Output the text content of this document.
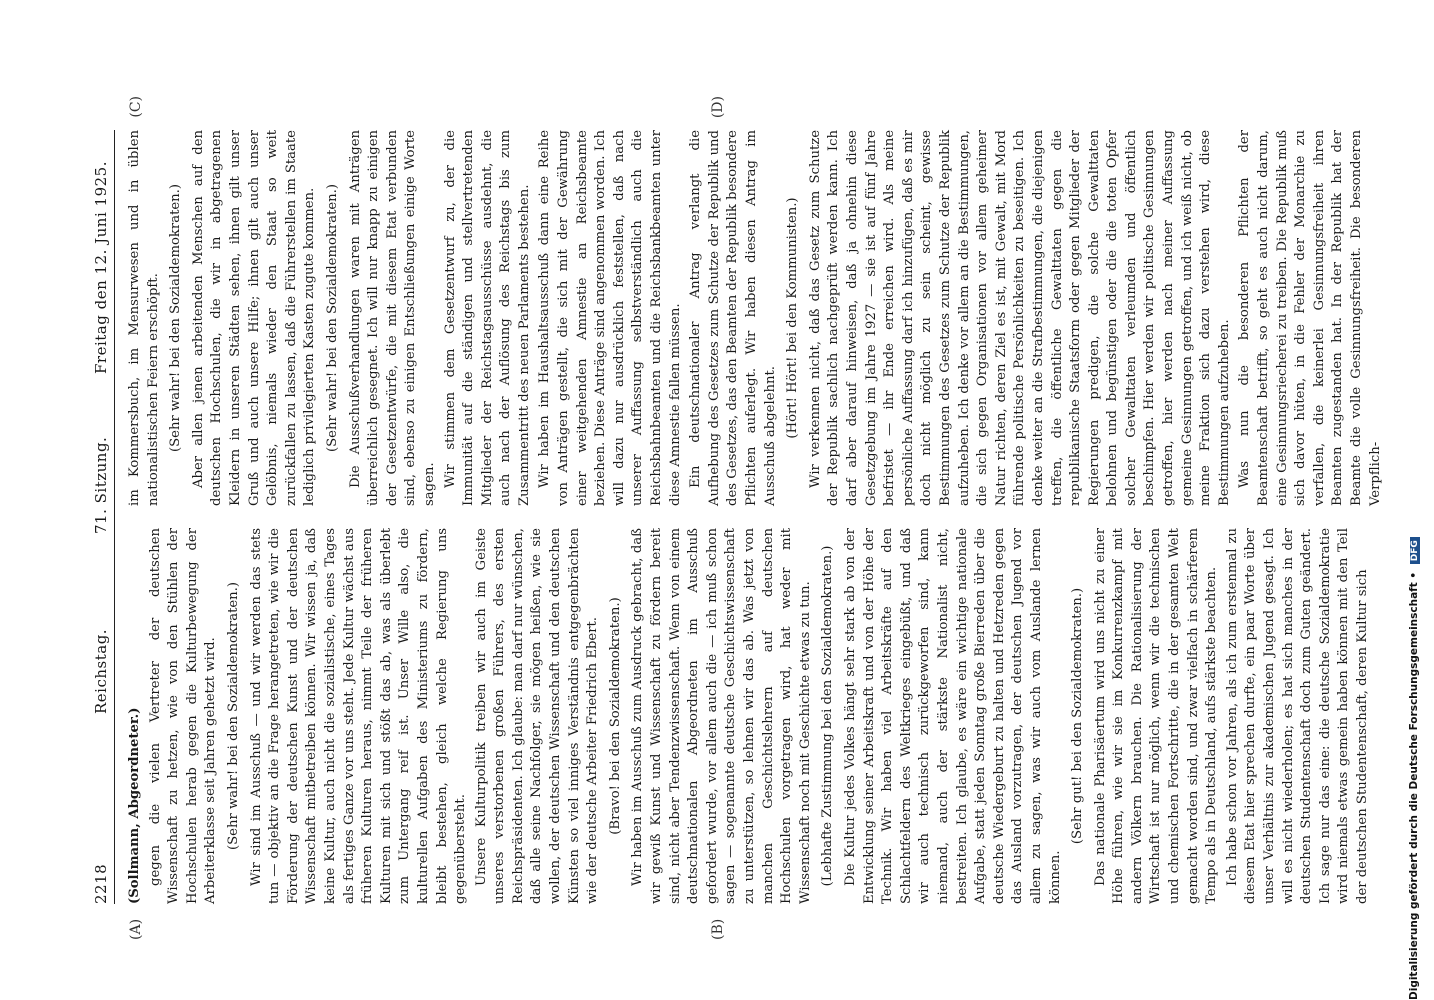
2218
Reichstag.
71. Sitzung.
Freitag den 12. Juni 1925.
(A)	(B)
(C)	(D)

(Sollmann, Abgeordneter.) gegen die vielen Vertreter der deutschen Wissenschaft zu hetzen, wie von den Stühlen der Hochschulen herab gegen die Kulturbewegung der Arbeiterklasse seit Jahren gehetzt wird. (Sehr wahr! bei den Sozialdemokraten.) Wir sind im Ausschuß — und wir werden das stets tun — objektiv an die Frage herangetreten, wie wir die Förderung der deutschen Kunst und der deutschen Wissenschaft mitbetreiben können. Wir wissen ja, daß keine Kultur, auch nicht die sozialistische, eines Tages als fertiges Ganze vor uns steht. Jede Kultur wächst aus früheren Kulturen heraus, nimmt Teile der früheren Kulturen mit sich und stößt das ab, was als überlebt zum Untergang reif ist. Unser Wille also, die kulturellen Aufgaben des Ministeriums zu fördern, bleibt bestehen, gleich welche Regierung uns gegenübersteht. Unsere Kulturpolitik treiben wir auch im Geiste unseres verstorbenen großen Führers, des ersten Reichspräsidenten. Ich glaube: man darf nur wünschen, daß alle seine Nachfolger, sie mögen heißen, wie sie wollen, der deutschen Wissenschaft und den deutschen Künsten so viel inniges Verständnis entgegenbrächten wie der deutsche Arbeiter Friedrich Ebert. (Bravo! bei den Sozialdemokraten.) Wir haben im Ausschuß zum Ausdruck gebracht, daß wir gewiß Kunst und Wissenschaft zu fördern bereit sind, nicht aber Tendenzwissenschaft. Wenn von einem deutschnationalen Abgeordneten im Ausschuß gefordert wurde, vor allem auch die — ich muß schon sagen — sogenannte deutsche Geschichtswissenschaft zu unterstützen, so lehnen wir das ab. Was jetzt von manchen Geschichtslehrern auf deutschen Hochschulen vorgetragen wird, hat weder mit Wissenschaft noch mit Geschichte etwas zu tun. (Lebhafte Zustimmung bei den Sozialdemokraten.) Die Kultur jedes Volkes hängt sehr stark ab von der Entwicklung seiner Arbeitskraft und von der Höhe der Technik. Wir haben viel Arbeitskräfte auf den Schlachtfeldern des Weltkrieges eingebüßt, und daß wir auch technisch zurückgeworfen sind, kann niemand, auch der stärkste Nationalist nicht, bestreiten. Ich glaube, es wäre ein wichtige nationale Aufgabe, statt jeden Sonntag große Bierreden über die deutsche Wiedergeburt zu halten und Hetzreden gegen das Ausland vorzutragen, der deutschen Jugend vor allem zu sagen, was wir auch vom Auslande lernen können.

(Sehr gut! bei den Sozialdemokraten.) Das nationale Pharisäertum wird uns nicht zu einer Höhe führen, wie wir sie im Konkurrenzkampf mit andern Völkern brauchen. Die Rationalisierung der Wirtschaft ist nur möglich, wenn wir die technischen und chemischen Fortschritte, die in der gesamten Welt gemacht worden sind, und zwar vielfach in schärferem Tempo als in Deutschland, aufs stärkste beachten. Ich habe schon vor Jahren, als ich zum erstenmal zu diesem Etat hier sprechen durfte, ein paar Worte über unser Verhältnis zur akademischen Jugend gesagt. Ich will es nicht wiederholen; es hat sich manches in der deutschen Studentenschaft doch zum Guten geändert. Ich sage nur das eine: die deutsche Sozialdemokratie wird niemals etwas gemein haben können mit den Teil der deutschen Studentenschaft, deren Kultur sich

im Kommersbuch, im Mensurwesen und in üblen nationalistischen Feiern erschöpft. (Sehr wahr! bei den Sozialdemokraten.) Aber allen jenen arbeitenden Menschen auf den deutschen Hochschulen, die wir in abgetragenen Kleidern in unseren Städten sehen, ihnen gilt unser Gruß und auch unsere Hilfe; ihnen gilt auch unser Gelöbnis, niemals wieder den Staat so weit zurückfallen zu lassen, daß die Führerstellen im Staate lediglich privilegierten Kasten zugute kommen. (Sehr wahr! bei den Sozialdemokraten.) Die Ausschußverhandlungen waren mit Anträgen überreichlich gesegnet. Ich will nur knapp zu einigen der Gesetzentwürfe, die mit diesem Etat verbunden sind, ebenso zu einigen Entschließungen einige Worte sagen. Wir stimmen dem Gesetzentwurf zu, der die Immunität auf die ständigen und stellvertretenden Mitglieder der Reichstagsausschüsse ausdehnt, die auch nach der Auflösung des Reichstags bis zum Zusammentritt des neuen Parlaments bestehen. Wir haben im Haushaltsausschuß dann eine Reihe von Anträgen gestellt, die sich mit der Gewährung einer weitgehenden Amnestie an Reichsbeamte beziehen. Diese Anträge sind angenommen worden. Ich will dazu nur ausdrücklich feststellen, daß nach unserer Auffassung selbstverständlich auch die Reichsbahnbeamten und die Reichsbankbeamten unter diese Amnestie fallen müssen. Ein deutschnationaler Antrag verlangt die Aufhebung des Gesetzes zum Schutze der Republik und des Gesetzes, das den Beamten der Republik besondere Pflichten auferlegt. Wir haben diesen Antrag im Ausschuß abgelehnt. (Hört! Hört! bei den Kommunisten.) Wir verkennen nicht, daß das Gesetz zum Schutze der Republik sachlich nachgeprüft werden kann. Ich darf aber darauf hinweisen, daß ja ohnehin diese Gesetzgebung im Jahre 1927 — sie ist auf fünf Jahre befristet — ihr Ende erreichen wird. Als meine persönliche Auffassung darf ich hinzufügen, daß es mir doch nicht möglich zu sein scheint, gewisse Bestimmungen des Gesetzes zum Schutze der Republik aufzuheben. Ich denke vor allem an die Bestimmungen, die sich gegen Organisationen vor allem geheimer Natur richten, deren Ziel es ist, mit Gewalt, mit Mord führende politische Persönlichkeiten zu beseitigen. Ich denke weiter an die Strafbestimmungen, die diejenigen treffen, die öffentliche Gewalttaten gegen die republikanische Staatsform oder gegen Mitglieder der Regierungen predigen, die solche Gewalttaten belohnen und begünstigen oder die die toten Opfer solcher Gewalttaten verleumden und öffentlich beschimpfen. Hier werden wir politische Gesinnungen getroffen, hier werden nach meiner Auffassung gemeine Gesinnungen getroffen, und ich weiß nicht, ob meine Fraktion sich dazu verstehen wird, diese Bestimmungen aufzuheben. Was nun die besonderen Pflichten der Beamtenschaft betrifft, so geht es auch nicht darum, eine Gesinnungsriecherei zu treiben. Die Republik muß sich davor hüten, in die Fehler der Monarchie zu verfallen, die keinerlei Gesinnungsfreiheit ihren Beamten zugestanden hat. In der Republik hat der Beamte die volle Gesinnungsfreiheit. Die besonderen Verpflich-

Digitalisierung gefördert durch die Deutsche Forschungsgemeinschaft • DFG
